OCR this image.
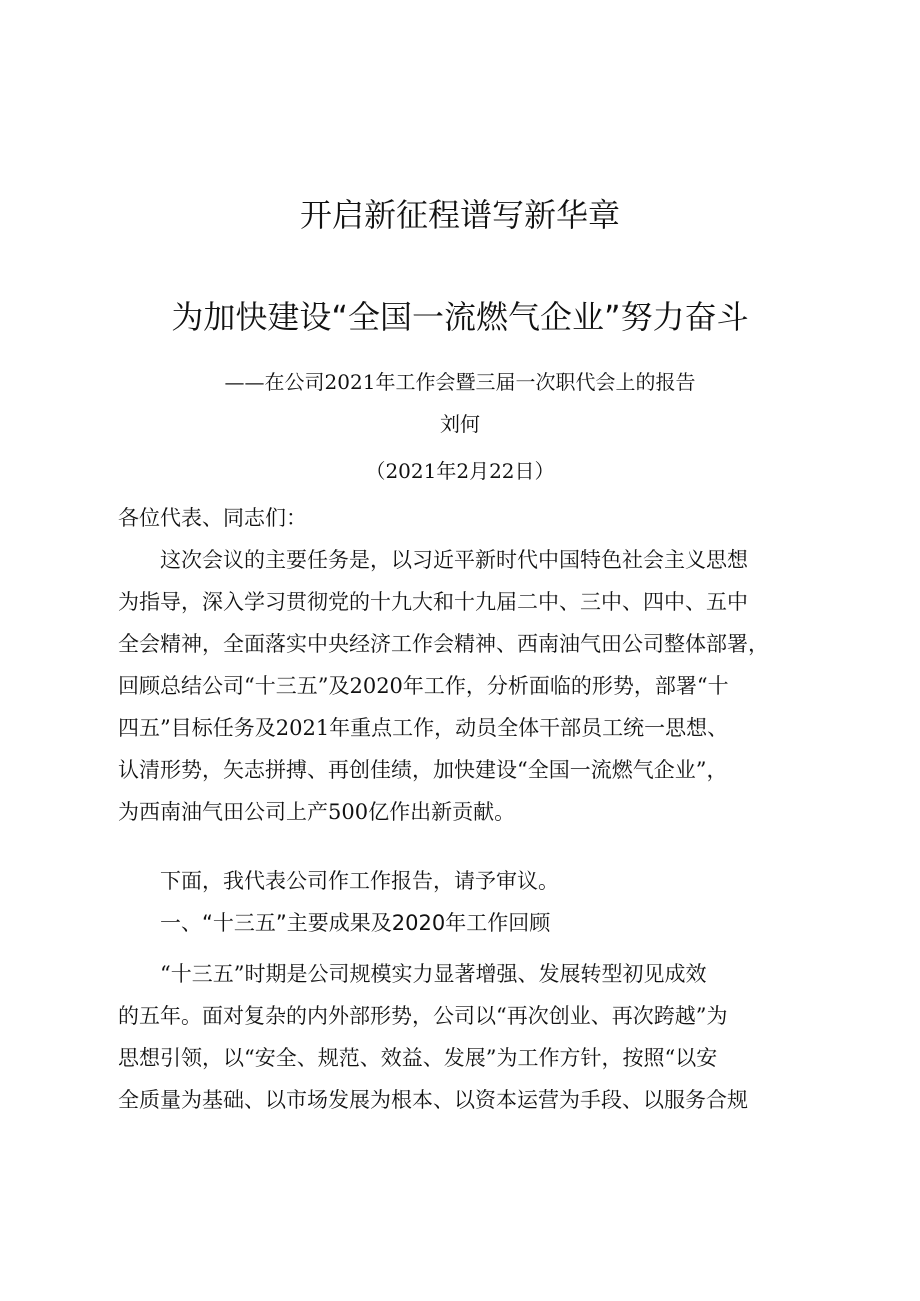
开启新征程谱写新华章
为加快建设“全国一流燃气企业”努力奋斗
——在公司2021年工作会暨三届一次职代会上的报告
刘何
（2021年2月22日）
各位代表、同志们：
　　这次会议的主要任务是，以习近平新时代中国特色社会主义思想
为指导，深入学习贯彻党的十九大和十九届二中、三中、四中、五中
全会精神，全面落实中央经济工作会精神、西南油气田公司整体部署，
回顾总结公司“十三五”及2020年工作，分析面临的形势，部署“十
四五”目标任务及2021年重点工作，动员全体干部员工统一思想、
认清形势，矢志拼搏、再创佳绩，加快建设“全国一流燃气企业”，
为西南油气田公司上产500亿作出新贡献。
下面，我代表公司作工作报告，请予审议。
一、“十三五”主要成果及2020年工作回顾
　　“十三五”时期是公司规模实力显著增强、发展转型初见成效
的五年。面对复杂的内外部形势，公司以“再次创业、再次跨越”为
思想引领，以“安全、规范、效益、发展”为工作方针，按照“以安
全质量为基础、以市场发展为根本、以资本运营为手段、以服务合规
